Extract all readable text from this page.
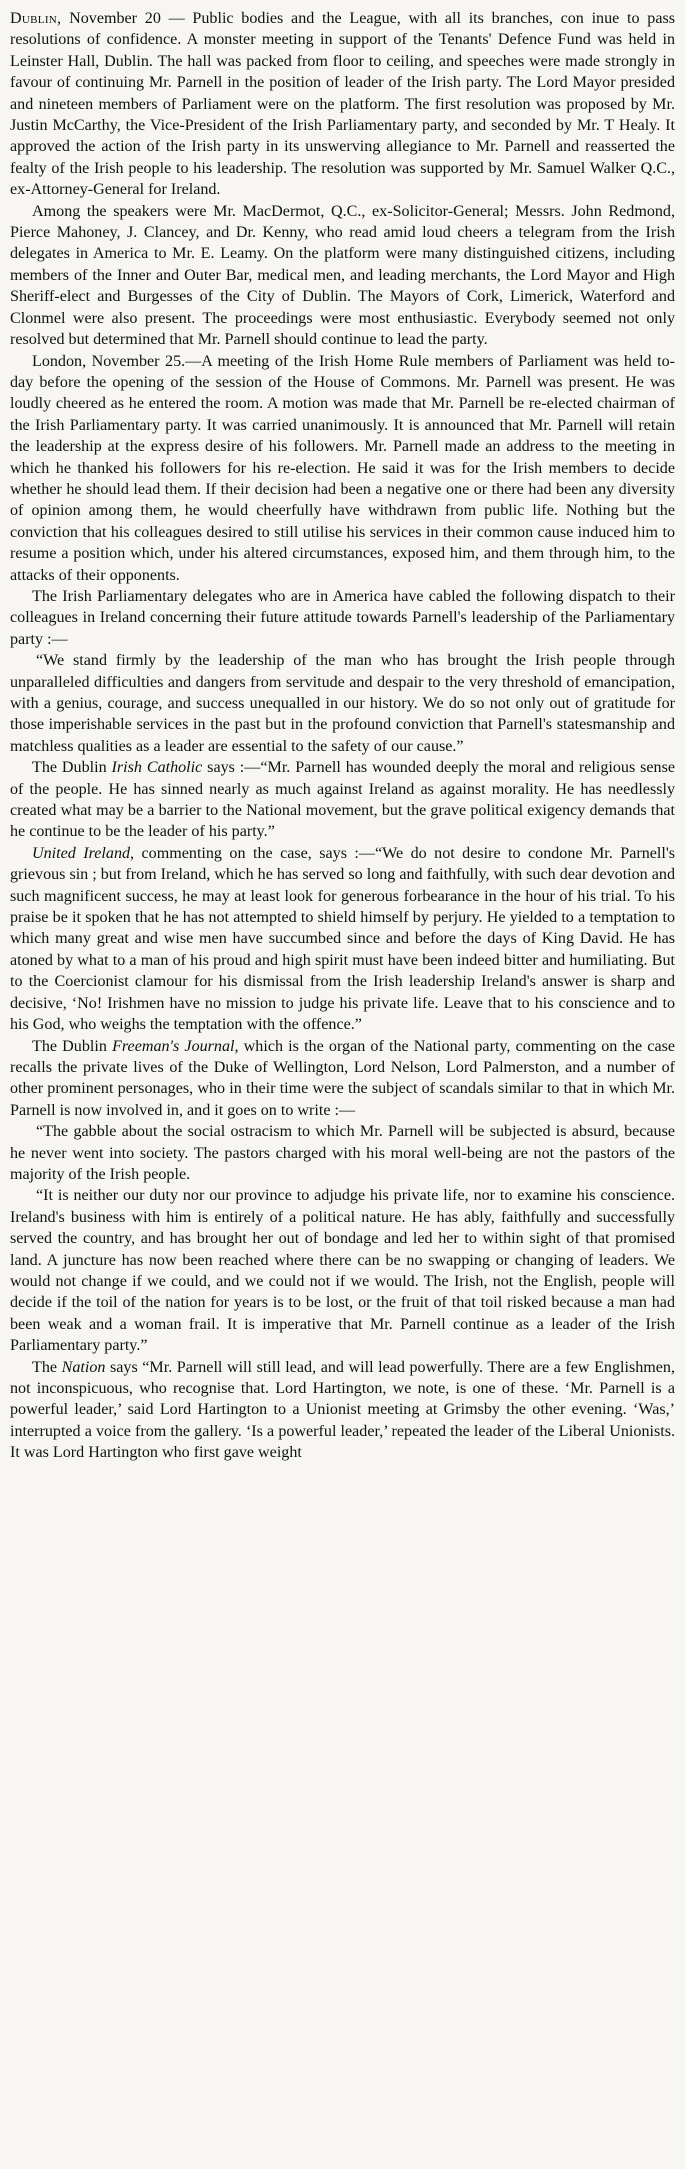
Dublin, November 20 — Public bodies and the League, with all its branches, con inue to pass resolutions of confidence. A monster meeting in support of the Tenants' Defence Fund was held in Leinster Hall, Dublin. The hall was packed from floor to ceiling, and speeches were made strongly in favour of continuing Mr. Parnell in the position of leader of the Irish party. The Lord Mayor presided and nineteen members of Parliament were on the platform. The first resolution was proposed by Mr. Justin McCarthy, the Vice-President of the Irish Parliamentary party, and seconded by Mr. T Healy. It approved the action of the Irish party in its unswerving allegiance to Mr. Parnell and reasserted the fealty of the Irish people to his leadership. The resolution was supported by Mr. Samuel Walker Q.C., ex-Attorney-General for Ireland.

Among the speakers were Mr. MacDermot, Q.C., ex-Solicitor-General; Messrs. John Redmond, Pierce Mahoney, J. Clancey, and Dr. Kenny, who read amid loud cheers a telegram from the Irish delegates in America to Mr. E. Leamy. On the platform were many distinguished citizens, including members of the Inner and Outer Bar, medical men, and leading merchants, the Lord Mayor and High Sheriff-elect and Burgesses of the City of Dublin. The Mayors of Cork, Limerick, Waterford and Clonmel were also present. The proceedings were most enthusiastic. Everybody seemed not only resolved but determined that Mr. Parnell should continue to lead the party.

London, November 25.—A meeting of the Irish Home Rule members of Parliament was held to-day before the opening of the session of the House of Commons. Mr. Parnell was present. He was loudly cheered as he entered the room. A motion was made that Mr. Parnell be re-elected chairman of the Irish Parliamentary party. It was carried unanimously. It is announced that Mr. Parnell will retain the leadership at the express desire of his followers. Mr. Parnell made an address to the meeting in which he thanked his followers for his re-election. He said it was for the Irish members to decide whether he should lead them. If their decision had been a negative one or there had been any diversity of opinion among them, he would cheerfully have withdrawn from public life. Nothing but the conviction that his colleagues desired to still utilise his services in their common cause induced him to resume a position which, under his altered circumstances, exposed him, and them through him, to the attacks of their opponents.

The Irish Parliamentary delegates who are in America have cabled the following dispatch to their colleagues in Ireland concerning their future attitude towards Parnell's leadership of the Parliamentary party :—

“We stand firmly by the leadership of the man who has brought the Irish people through unparalleled difficulties and dangers from servitude and despair to the very threshold of emancipation, with a genius, courage, and success unequalled in our history. We do so not only out of gratitude for those imperishable services in the past but in the profound conviction that Parnell's statesmanship and matchless qualities as a leader are essential to the safety of our cause.”

The Dublin Irish Catholic says :—“Mr. Parnell has wounded deeply the moral and religious sense of the people. He has sinned nearly as much against Ireland as against morality. He has needlessly created what may be a barrier to the National movement, but the grave political exigency demands that he continue to be the leader of his party.”

United Ireland, commenting on the case, says :—“We do not desire to condone Mr. Parnell's grievous sin ; but from Ireland, which he has served so long and faithfully, with such dear devotion and such magnificent success, he may at least look for generous forbearance in the hour of his trial. To his praise be it spoken that he has not attempted to shield himself by perjury. He yielded to a temptation to which many great and wise men have succumbed since and before the days of King David. He has atoned by what to a man of his proud and high spirit must have been indeed bitter and humiliating. But to the Coercionist clamour for his dismissal from the Irish leadership Ireland's answer is sharp and decisive, ‘No! Irishmen have no mission to judge his private life. Leave that to his conscience and to his God, who weighs the temptation with the offence.”

The Dublin Freeman's Journal, which is the organ of the National party, commenting on the case recalls the private lives of the Duke of Wellington, Lord Nelson, Lord Palmerston, and a number of other prominent personages, who in their time were the subject of scandals similar to that in which Mr. Parnell is now involved in, and it goes on to write :—

“The gabble about the social ostracism to which Mr. Parnell will be subjected is absurd, because he never went into society. The pastors charged with his moral well-being are not the pastors of the majority of the Irish people.

“It is neither our duty nor our province to adjudge his private life, nor to examine his conscience. Ireland's business with him is entirely of a political nature. He has ably, faithfully and successfully served the country, and has brought her out of bondage and led her to within sight of that promised land. A juncture has now been reached where there can be no swapping or changing of leaders. We would not change if we could, and we could not if we would. The Irish, not the English, people will decide if the toil of the nation for years is to be lost, or the fruit of that toil risked because a man had been weak and a woman frail. It is imperative that Mr. Parnell continue as a leader of the Irish Parliamentary party.”

The Nation says “Mr. Parnell will still lead, and will lead powerfully. There are a few Englishmen, not inconspicuous, who recognise that. Lord Hartington, we note, is one of these. ‘Mr. Parnell is a powerful leader,’ said Lord Hartington to a Unionist meeting at Grimsby the other evening. ‘Was,’ interrupted a voice from the gallery. ‘Is a powerful leader,’ repeated the leader of the Liberal Unionists. It was Lord Hartington who first gave weight
